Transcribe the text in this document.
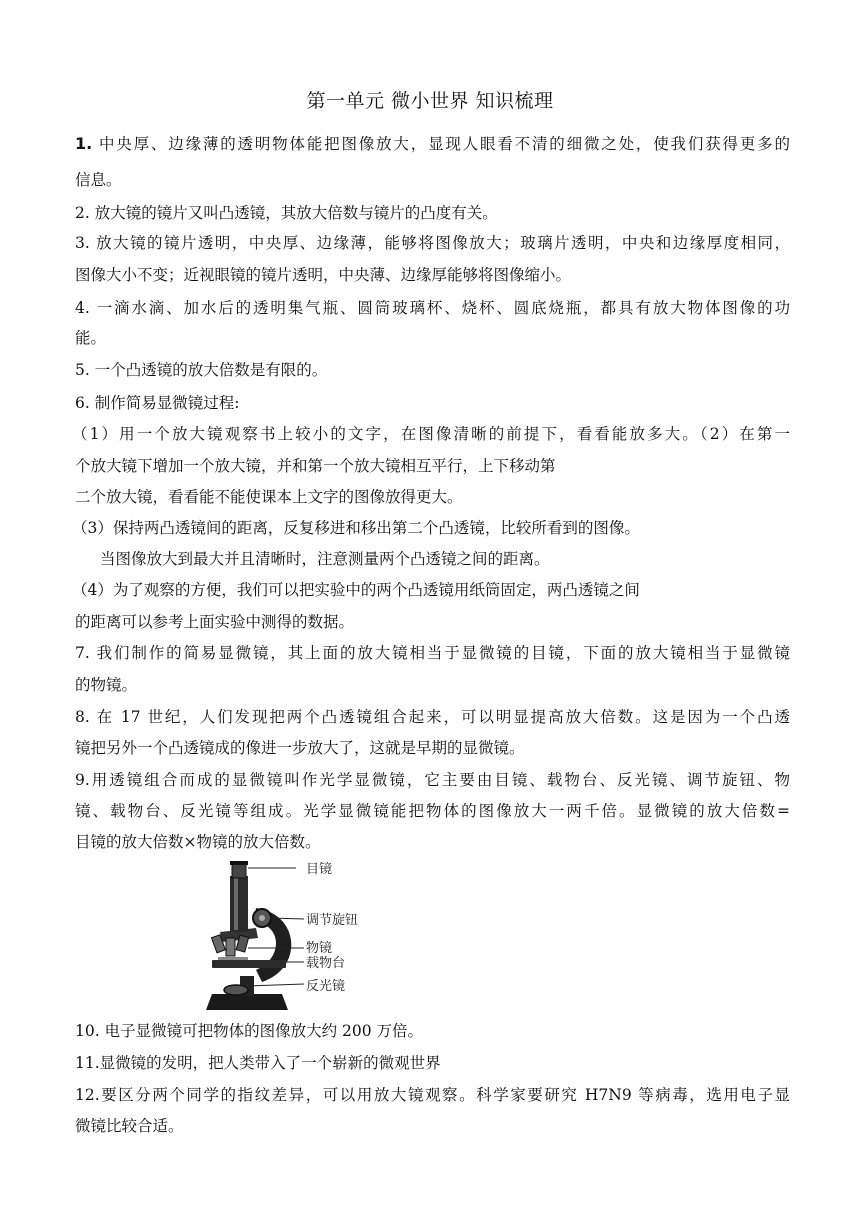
第一单元 微小世界 知识梳理
1. 中央厚、边缘薄的透明物体能把图像放大，显现人眼看不清的细微之处，使我们获得更多的
信息。
2. 放大镜的镜片又叫凸透镜，其放大倍数与镜片的凸度有关。
3. 放大镜的镜片透明，中央厚、边缘薄，能够将图像放大；玻璃片透明，中央和边缘厚度相同，
图像大小不变；近视眼镜的镜片透明，中央薄、边缘厚能够将图像缩小。
4. 一滴水滴、加水后的透明集气瓶、圆筒玻璃杯、烧杯、圆底烧瓶，都具有放大物体图像的功
能。
5. 一个凸透镜的放大倍数是有限的。
6. 制作简易显微镜过程:
（1）用一个放大镜观察书上较小的文字，在图像清晰的前提下，看看能放多大。（2）在第一
个放大镜下增加一个放大镜，并和第一个放大镜相互平行，上下移动第
二个放大镜，看看能不能使课本上文字的图像放得更大。
（3）保持两凸透镜间的距离，反复移进和移出第二个凸透镜，比较所看到的图像。
当图像放大到最大并且清晰时，注意测量两个凸透镜之间的距离。
（4）为了观察的方便，我们可以把实验中的两个凸透镜用纸筒固定，两凸透镜之间
的距离可以参考上面实验中测得的数据。
7. 我们制作的简易显微镜，其上面的放大镜相当于显微镜的目镜，下面的放大镜相当于显微镜
的物镜。
8. 在 17 世纪，人们发现把两个凸透镜组合起来，可以明显提高放大倍数。这是因为一个凸透
镜把另外一个凸透镜成的像进一步放大了，这就是早期的显微镜。
9.用透镜组合而成的显微镜叫作光学显微镜，它主要由目镜、载物台、反光镜、调节旋钮、物
镜、载物台、反光镜等组成。光学显微镜能把物体的图像放大一两千倍。显微镜的放大倍数=
目镜的放大倍数×物镜的放大倍数。
目镜
调节旋钮
物镜
载物台
反光镜
10. 电子显微镜可把物体的图像放大约 200 万倍。
11.显微镜的发明，把人类带入了一个崭新的微观世界
12.要区分两个同学的指纹差异，可以用放大镜观察。科学家要研究 H7N9 等病毒，选用电子显
微镜比较合适。
